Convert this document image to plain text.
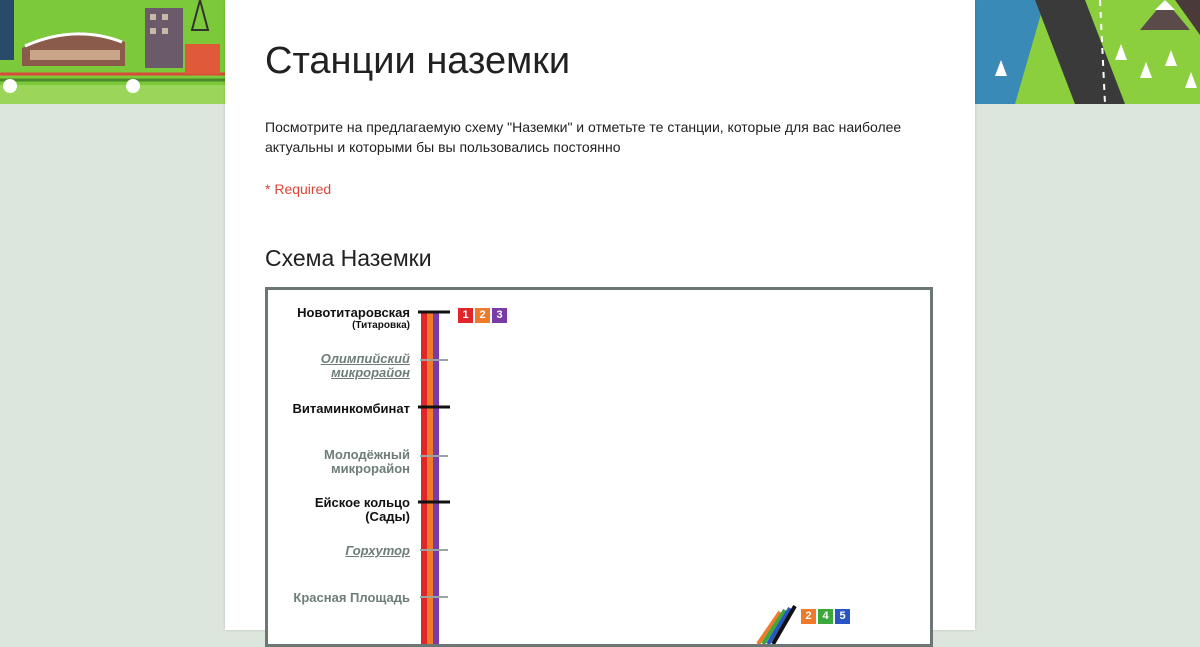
Станции наземки

Посмотрите на предлагаемую схему "Наземки" и отметьте те станции, которые для вас наиболее актуальны и которыми бы вы пользовались постоянно

* Required
Схема Наземки
Новотитаровская
(Титаровка)
Олимпийский микрорайон
Витаминкомбинат
Молодёжный микрорайон
Ейское кольцо (Сады)
Горхутор
Красная Площадь
1 2 3
2 4 5
